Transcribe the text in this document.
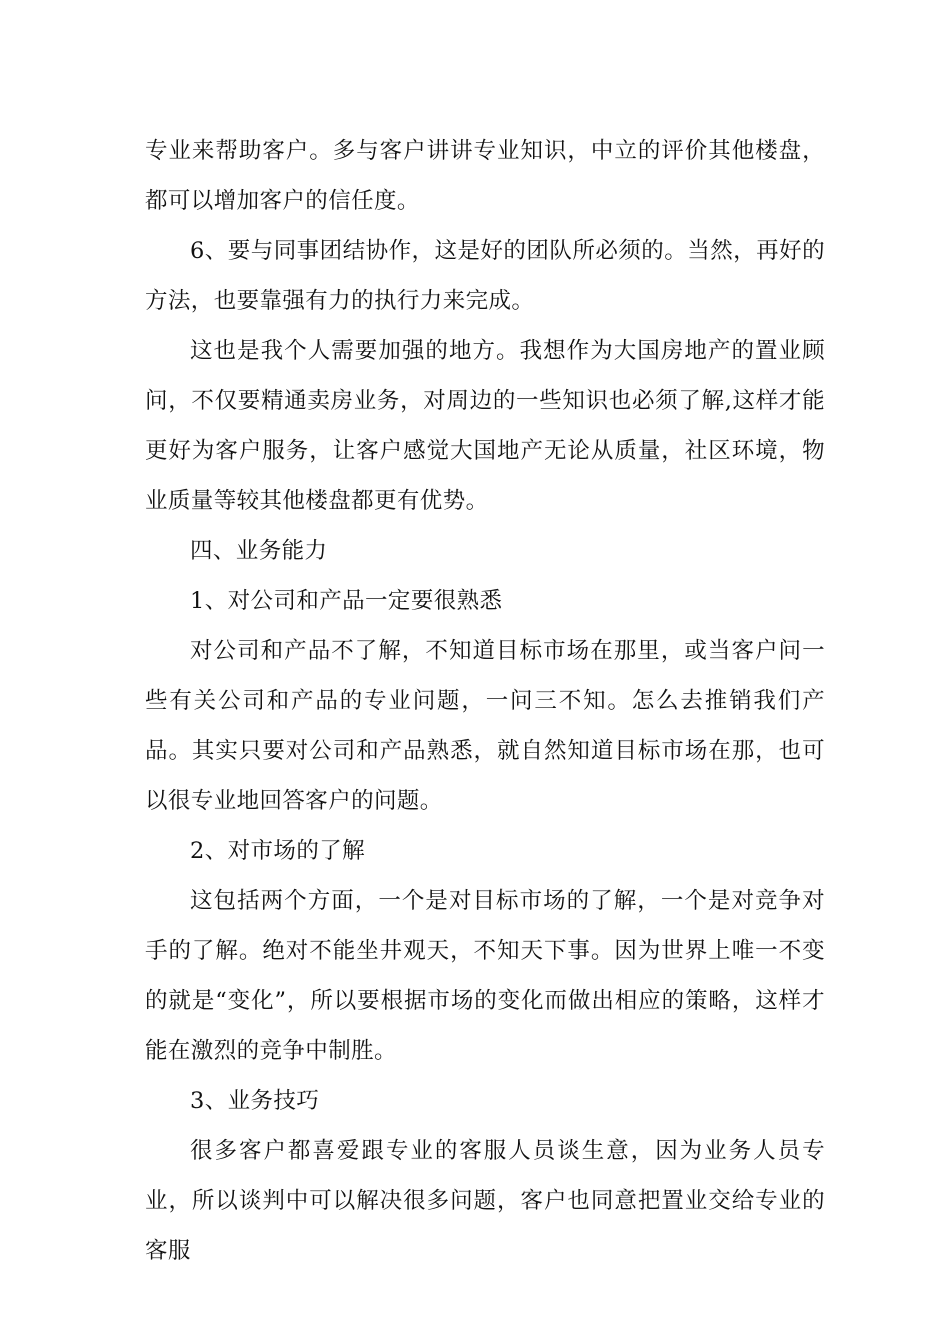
专业来帮助客户。多与客户讲讲专业知识，中立的评价其他楼盘，都可以增加客户的信任度。

6、要与同事团结协作，这是好的团队所必须的。当然，再好的方法，也要靠强有力的执行力来完成。

这也是我个人需要加强的地方。我想作为大国房地产的置业顾问，不仅要精通卖房业务，对周边的一些知识也必须了解,这样才能更好为客户服务，让客户感觉大国地产无论从质量，社区环境，物业质量等较其他楼盘都更有优势。

四、业务能力

1、对公司和产品一定要很熟悉

对公司和产品不了解，不知道目标市场在那里，或当客户问一些有关公司和产品的专业问题，一问三不知。怎么去推销我们产品。其实只要对公司和产品熟悉，就自然知道目标市场在那，也可以很专业地回答客户的问题。

2、对市场的了解

这包括两个方面，一个是对目标市场的了解，一个是对竞争对手的了解。绝对不能坐井观天，不知天下事。因为世界上唯一不变的就是“变化”，所以要根据市场的变化而做出相应的策略，这样才能在激烈的竞争中制胜。

3、业务技巧

很多客户都喜爱跟专业的客服人员谈生意，因为业务人员专业，所以谈判中可以解决很多问题，客户也同意把置业交给专业的客服
